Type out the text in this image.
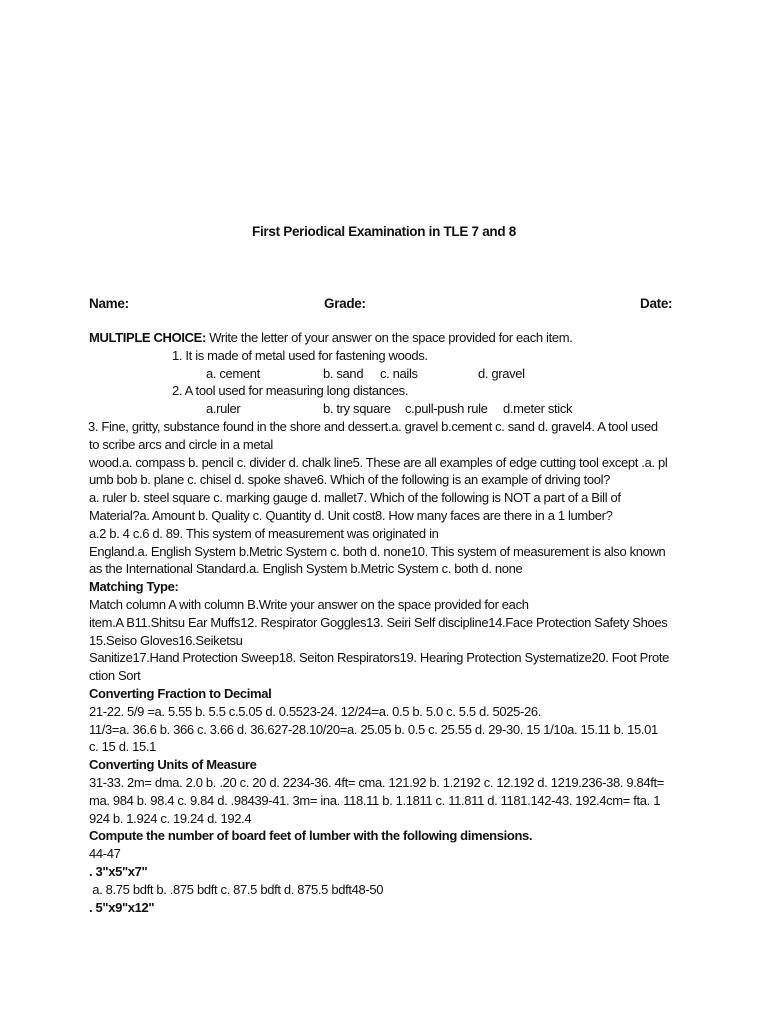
First Periodical Examination in TLE 7 and 8
Name:	Grade:	Date:
MULTIPLE CHOICE: Write the letter of your answer on the space provided for each item.
1. It is made of metal used for fastening woods.
a. cement	b. sand c. nails	d. gravel
2. A tool used for measuring long distances.
a.ruler	b. try square c.pull-push rule d.meter stick
3. Fine, gritty, substance found in the shore and dessert.a. gravel b.cement c. sand d. gravel4. A tool used
to scribe arcs and circle in a metal
wood.a. compass b. pencil c. divider d. chalk line5. These are all examples of edge cutting tool except .a. pl
umb bob b. plane c. chisel d. spoke shave6. Which of the following is an example of driving tool?
a. ruler b. steel square c. marking gauge d. mallet7. Which of the following is NOT a part of a Bill of
Material?a. Amount b. Quality c. Quantity d. Unit cost8. How many faces are there in a 1 lumber?
a.2 b. 4 c.6 d. 89. This system of measurement was originated in
England.a. English System b.Metric System c. both d. none10. This system of measurement is also known
as the International Standard.a. English System b.Metric System c. both d. none
Matching Type:
Match column A with column B.Write your answer on the space provided for each
item.A B11.Shitsu Ear Muffs12. Respirator Goggles13. Seiri Self discipline14.Face Protection Safety Shoes
15.Seiso Gloves16.Seiketsu
Sanitize17.Hand Protection Sweep18. Seiton Respirators19. Hearing Protection Systematize20. Foot Prote
ction Sort
Converting Fraction to Decimal
21-22. 5/9 =a. 5.55 b. 5.5 c.5.05 d. 0.5523-24. 12/24=a. 0.5 b. 5.0 c. 5.5 d. 5025-26.
11/3=a. 36.6 b. 366 c. 3.66 d. 36.627-28.10/20=a. 25.05 b. 0.5 c. 25.55 d. 29-30. 15 1/10a. 15.11 b. 15.01
c. 15 d. 15.1
Converting Units of Measure
31-33. 2m= dma. 2.0 b. .20 c. 20 d. 2234-36. 4ft= cma. 121.92 b. 1.2192 c. 12.192 d. 1219.236-38. 9.84ft=
ma. 984 b. 98.4 c. 9.84 d. .98439-41. 3m= ina. 118.11 b. 1.1811 c. 11.811 d. 1181.142-43. 192.4cm= fta. 1
924 b. 1.924 c. 19.24 d. 192.4
Compute the number of board feet of lumber with the following dimensions.
44-47
. 3"x5"x7"
a. 8.75 bdft b. .875 bdft c. 87.5 bdft d. 875.5 bdft48-50
. 5"x9"x12"
